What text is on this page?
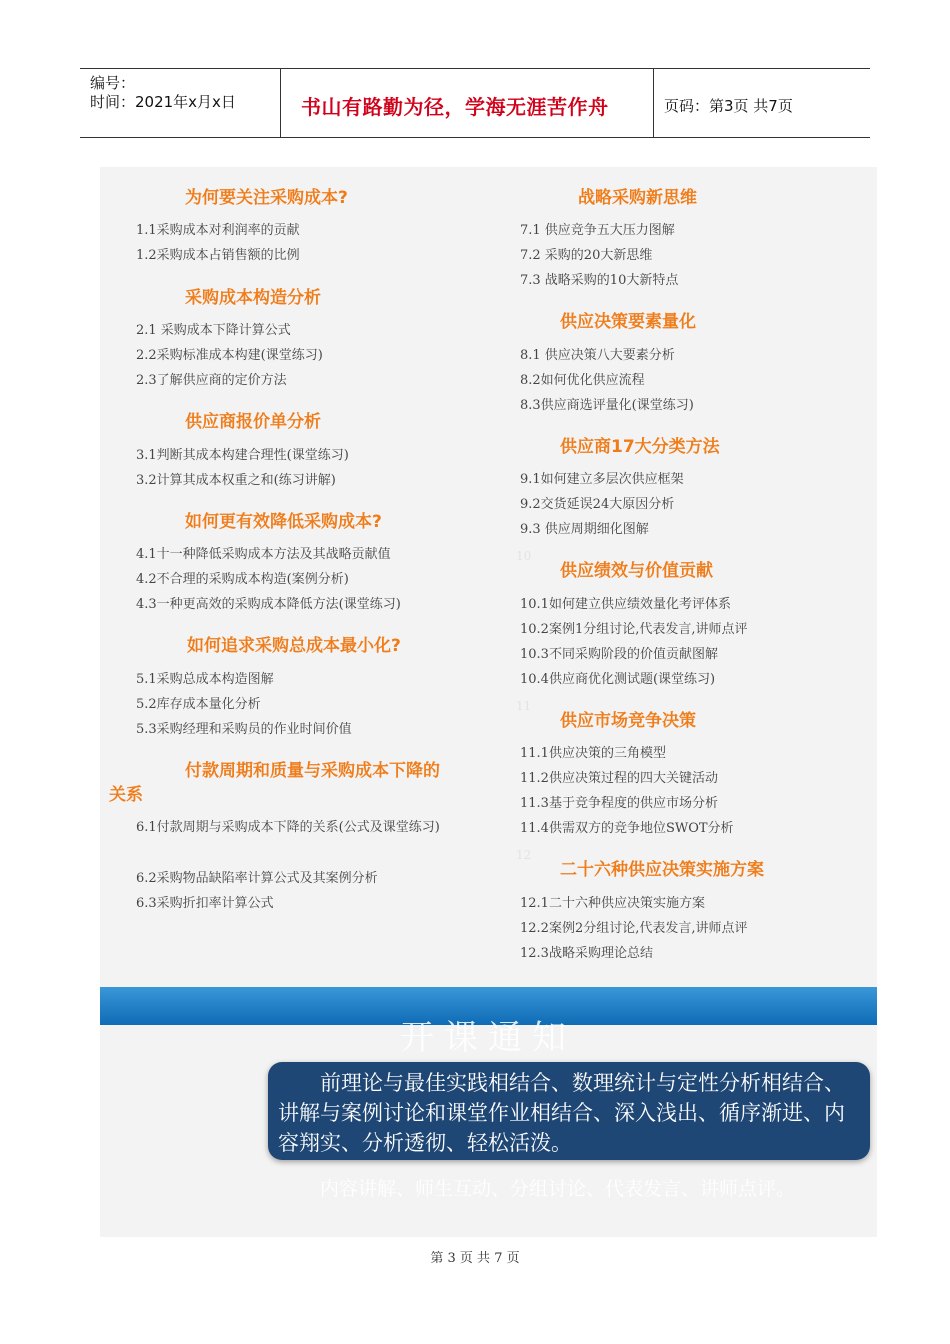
编号：
时间：2021年x月x日	书山有路勤为径，学海无涯苦作舟	页码：第3页 共7页
为何要关注采购成本?
1.1采购成本对利润率的贡献
1.2采购成本占销售额的比例
采购成本构造分析
2.1 采购成本下降计算公式
2.2采购标准成本构建(课堂练习)
2.3了解供应商的定价方法
供应商报价单分析
3.1判断其成本构建合理性(课堂练习)
3.2计算其成本权重之和(练习讲解)
如何更有效降低采购成本?
4.1十一种降低采购成本方法及其战略贡献值
4.2不合理的采购成本构造(案例分析)
4.3一种更高效的采购成本降低方法(课堂练习)
如何追求采购总成本最小化?
5.1采购总成本构造图解
5.2库存成本量化分析
5.3采购经理和采购员的作业时间价值
付款周期和质量与采购成本下降的
关系
6.1付款周期与采购成本下降的关系(公式及课堂练习)
6.2采购物品缺陷率计算公式及其案例分析
6.3采购折扣率计算公式
战略采购新思维
7.1 供应竞争五大压力图解
7.2 采购的20大新思维
7.3 战略采购的10大新特点
供应决策要素量化
8.1 供应决策八大要素分析
8.2如何优化供应流程
8.3供应商选评量化(课堂练习)
供应商17大分类方法
9.1如何建立多层次供应框架
9.2交货延误24大原因分析
9.3 供应周期细化图解
10
供应绩效与价值贡献
10.1如何建立供应绩效量化考评体系
10.2案例1分组讨论,代表发言,讲师点评
10.3不同采购阶段的价值贡献图解
10.4供应商优化测试题(课堂练习)
11
供应市场竞争决策
11.1供应决策的三角模型
11.2供应决策过程的四大关键活动
11.3基于竞争程度的供应市场分析
11.4供需双方的竞争地位SWOT分析
12
二十六种供应决策实施方案
12.1二十六种供应决策实施方案
12.2案例2分组讨论,代表发言,讲师点评
12.3战略采购理论总结
开课通知
前理论与最佳实践相结合、数理统计与定性分析相结合、讲解与案例讨论和课堂作业相结合、深入浅出、循序渐进、内容翔实、分析透彻、轻松活泼。
内容讲解、师生互动、分组讨论、代表发言、讲师点评。
第 3 页 共 7 页
